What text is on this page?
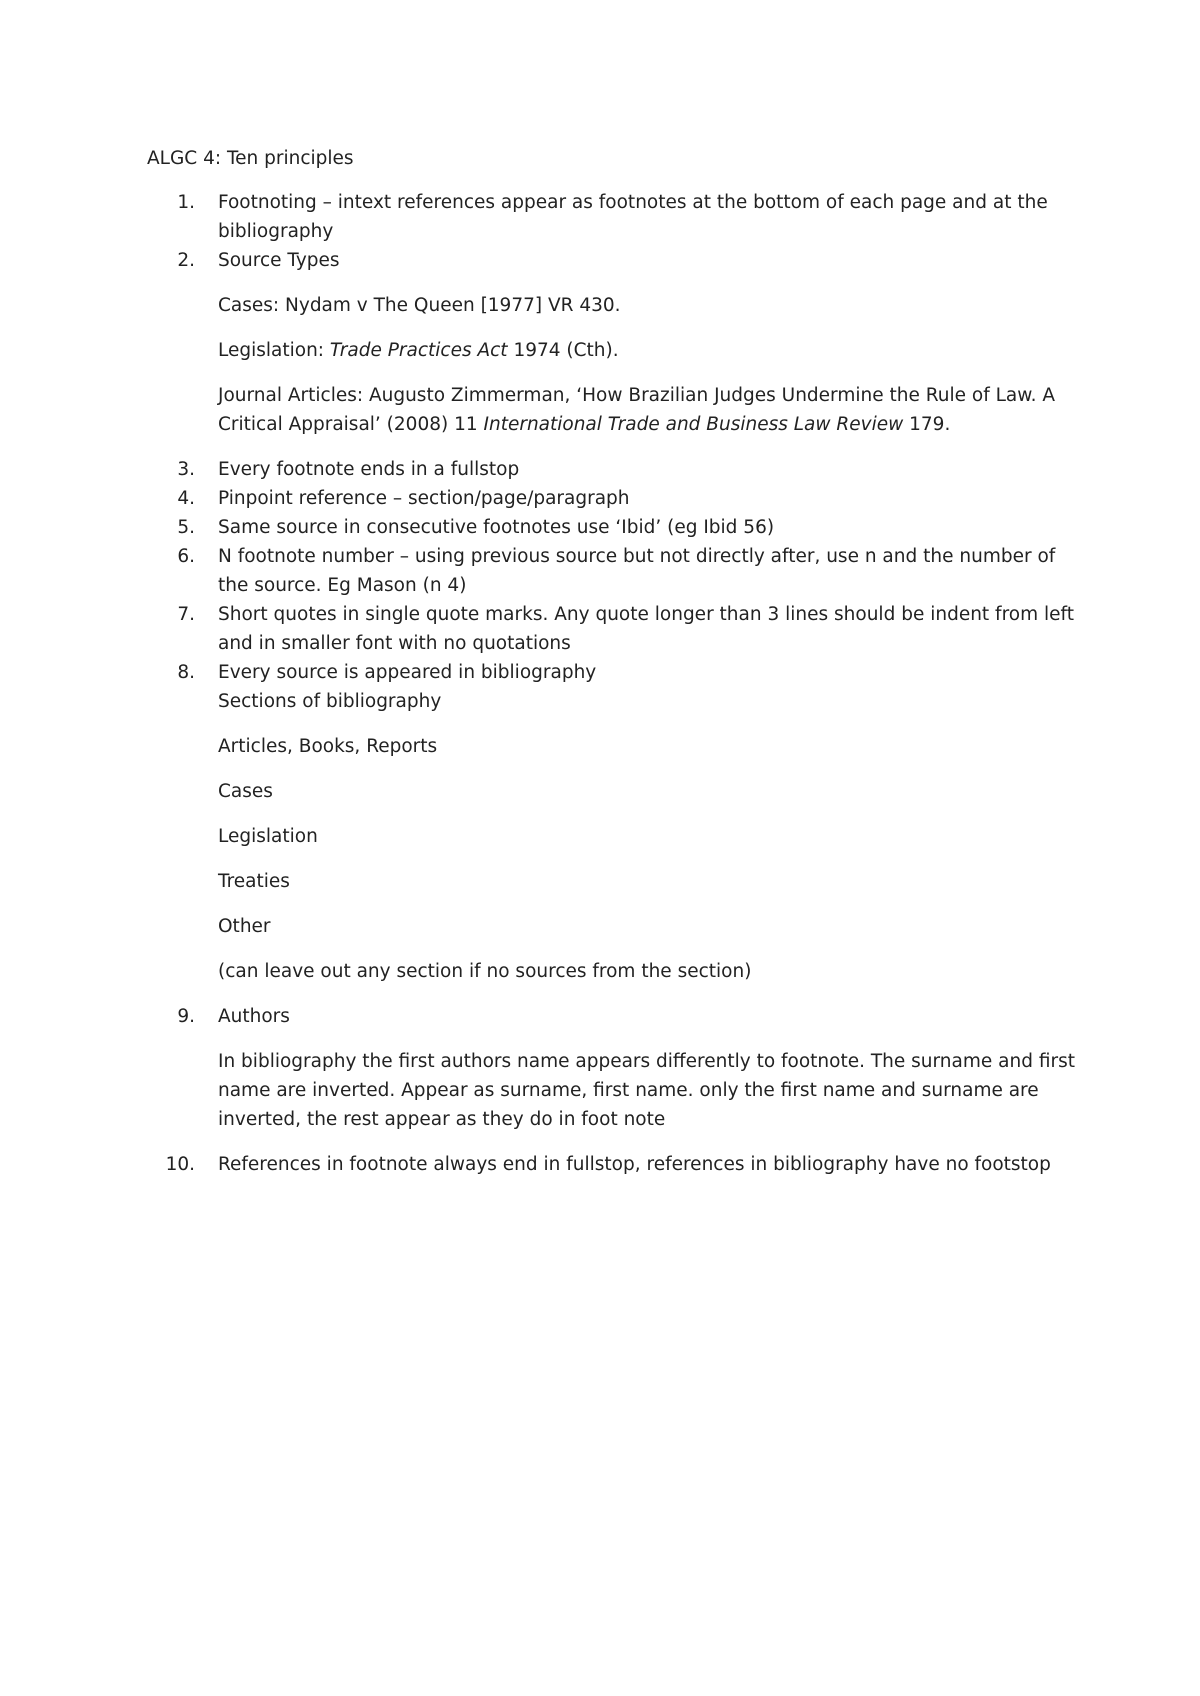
ALGC 4: Ten principles
1. Footnoting – intext references appear as footnotes at the bottom of each page and at the
bibliography
2. Source Types
Cases: Nydam v The Queen [1977] VR 430.
Legislation: Trade Practices Act 1974 (Cth).
Journal Articles: Augusto Zimmerman, ‘How Brazilian Judges Undermine the Rule of Law. A
Critical Appraisal’ (2008) 11 International Trade and Business Law Review 179.
3. Every footnote ends in a fullstop
4. Pinpoint reference – section/page/paragraph
5. Same source in consecutive footnotes use ‘Ibid’ (eg Ibid 56)
6. N footnote number – using previous source but not directly after, use n and the number of
the source. Eg Mason (n 4)
7. Short quotes in single quote marks. Any quote longer than 3 lines should be indent from left
and in smaller font with no quotations
8. Every source is appeared in bibliography
Sections of bibliography
Articles, Books, Reports
Cases
Legislation
Treaties
Other
(can leave out any section if no sources from the section)
9. Authors
In bibliography the first authors name appears differently to footnote. The surname and first
name are inverted. Appear as surname, first name. only the first name and surname are
inverted, the rest appear as they do in foot note
10. References in footnote always end in fullstop, references in bibliography have no footstop
